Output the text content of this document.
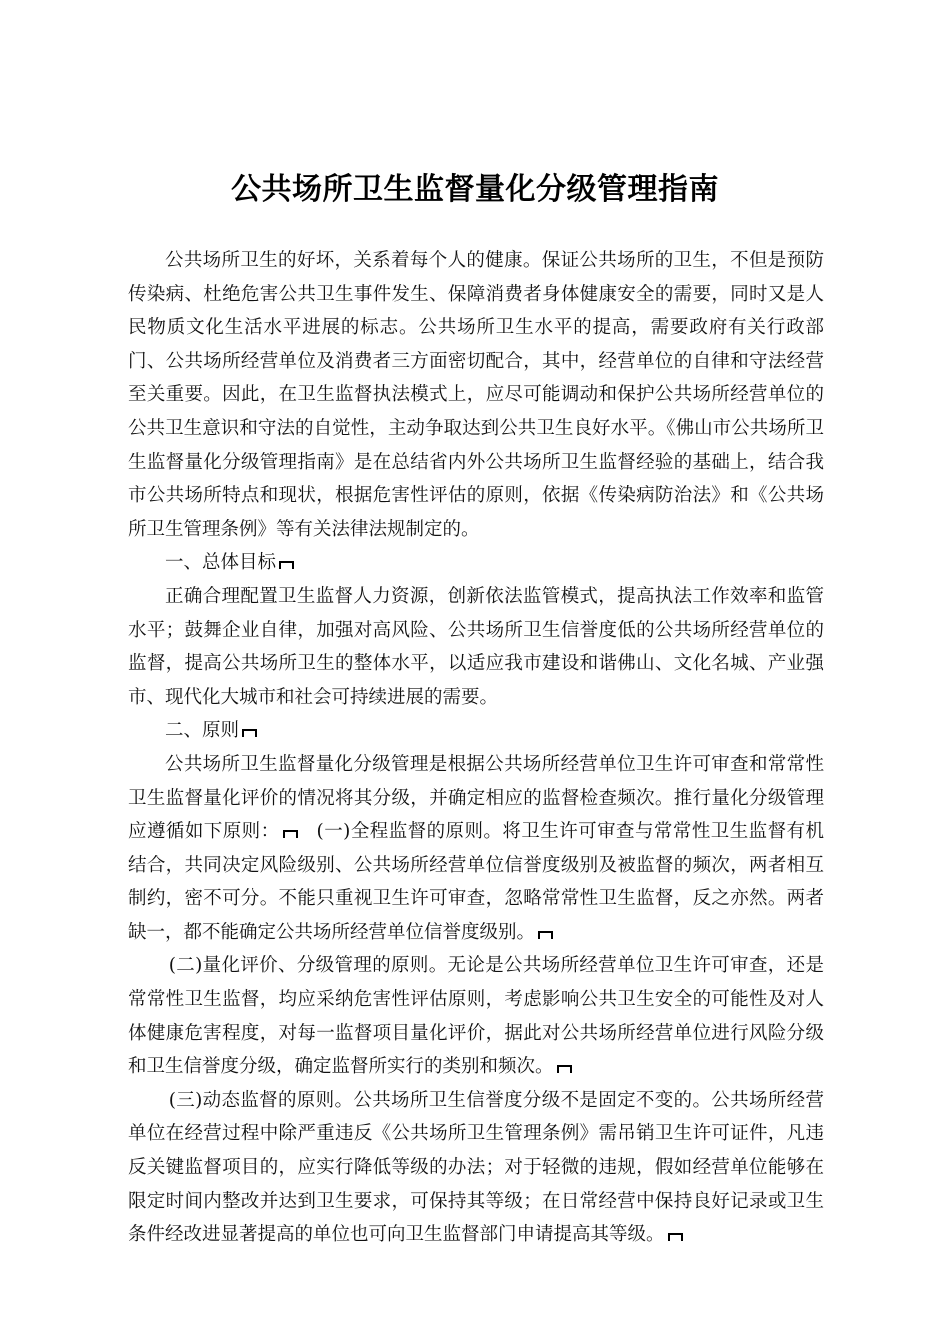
公共场所卫生监督量化分级管理指南

公共场所卫生的好坏，关系着每个人的健康。保证公共场所的卫生，不但是预防传染病、杜绝危害公共卫生事件发生、保障消费者身体健康安全的需要，同时又是人民物质文化生活水平进展的标志。公共场所卫生水平的提高，需要政府有关行政部门、公共场所经营单位及消费者三方面密切配合，其中，经营单位的自律和守法经营至关重要。因此，在卫生监督执法模式上，应尽可能调动和保护公共场所经营单位的公共卫生意识和守法的自觉性，主动争取达到公共卫生良好水平。《佛山市公共场所卫生监督量化分级管理指南》是在总结省内外公共场所卫生监督经验的基础上，结合我市公共场所特点和现状，根据危害性评估的原则，依据《传染病防治法》和《公共场所卫生管理条例》等有关法律法规制定的。

一、总体目标

正确合理配置卫生监督人力资源，创新依法监管模式，提高执法工作效率和监管水平；鼓舞企业自律，加强对高风险、公共场所卫生信誉度低的公共场所经营单位的监督，提高公共场所卫生的整体水平，以适应我市建设和谐佛山、文化名城、产业强市、现代化大城市和社会可持续进展的需要。

二、原则

公共场所卫生监督量化分级管理是根据公共场所经营单位卫生许可审查和常常性卫生监督量化评价的情况将其分级，并确定相应的监督检查频次。推行量化分级管理应遵循如下原则： (一)全程监督的原则。将卫生许可审查与常常性卫生监督有机结合，共同决定风险级别、公共场所经营单位信誉度级别及被监督的频次，两者相互制约，密不可分。不能只重视卫生许可审查，忽略常常性卫生监督，反之亦然。两者缺一，都不能确定公共场所经营单位信誉度级别。

(二)量化评价、分级管理的原则。无论是公共场所经营单位卫生许可审查，还是常常性卫生监督，均应采纳危害性评估原则，考虑影响公共卫生安全的可能性及对人体健康危害程度，对每一监督项目量化评价，据此对公共场所经营单位进行风险分级和卫生信誉度分级，确定监督所实行的类别和频次。

(三)动态监督的原则。公共场所卫生信誉度分级不是固定不变的。公共场所经营单位在经营过程中除严重违反《公共场所卫生管理条例》需吊销卫生许可证件，凡违反关键监督项目的，应实行降低等级的办法；对于轻微的违规，假如经营单位能够在限定时间内整改并达到卫生要求，可保持其等级；在日常经营中保持良好记录或卫生条件经改进显著提高的单位也可向卫生监督部门申请提高其等级。
